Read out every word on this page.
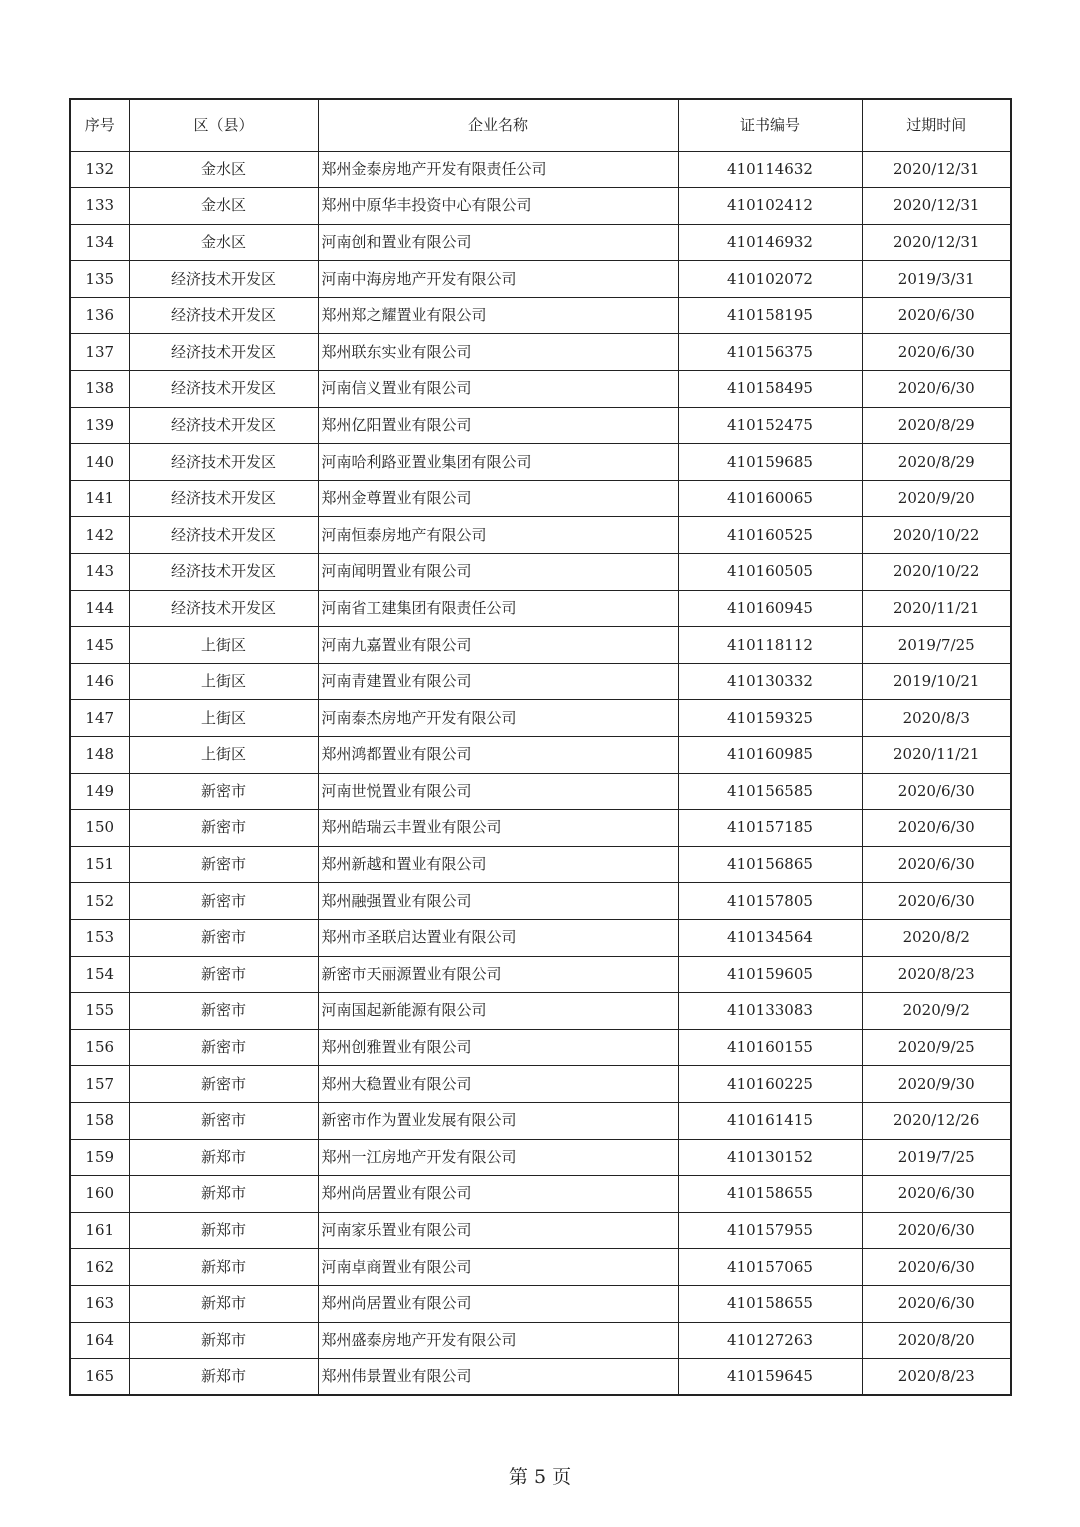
序号	区（县）	企业名称	证书编号	过期时间
132	金水区	郑州金泰房地产开发有限责任公司	410114632	2020/12/31
133	金水区	郑州中原华丰投资中心有限公司	410102412	2020/12/31
134	金水区	河南创和置业有限公司	410146932	2020/12/31
135	经济技术开发区	河南中海房地产开发有限公司	410102072	2019/3/31
136	经济技术开发区	郑州郑之耀置业有限公司	410158195	2020/6/30
137	经济技术开发区	郑州联东实业有限公司	410156375	2020/6/30
138	经济技术开发区	河南信义置业有限公司	410158495	2020/6/30
139	经济技术开发区	郑州亿阳置业有限公司	410152475	2020/8/29
140	经济技术开发区	河南哈利路亚置业集团有限公司	410159685	2020/8/29
141	经济技术开发区	郑州金尊置业有限公司	410160065	2020/9/20
142	经济技术开发区	河南恒泰房地产有限公司	410160525	2020/10/22
143	经济技术开发区	河南闻明置业有限公司	410160505	2020/10/22
144	经济技术开发区	河南省工建集团有限责任公司	410160945	2020/11/21
145	上街区	河南九嘉置业有限公司	410118112	2019/7/25
146	上街区	河南青建置业有限公司	410130332	2019/10/21
147	上街区	河南泰杰房地产开发有限公司	410159325	2020/8/3
148	上街区	郑州鸿都置业有限公司	410160985	2020/11/21
149	新密市	河南世悦置业有限公司	410156585	2020/6/30
150	新密市	郑州皓瑞云丰置业有限公司	410157185	2020/6/30
151	新密市	郑州新越和置业有限公司	410156865	2020/6/30
152	新密市	郑州融强置业有限公司	410157805	2020/6/30
153	新密市	郑州市圣联启达置业有限公司	410134564	2020/8/2
154	新密市	新密市天丽源置业有限公司	410159605	2020/8/23
155	新密市	河南国起新能源有限公司	410133083	2020/9/2
156	新密市	郑州创雅置业有限公司	410160155	2020/9/25
157	新密市	郑州大稳置业有限公司	410160225	2020/9/30
158	新密市	新密市作为置业发展有限公司	410161415	2020/12/26
159	新郑市	郑州一江房地产开发有限公司	410130152	2019/7/25
160	新郑市	郑州尚居置业有限公司	410158655	2020/6/30
161	新郑市	河南家乐置业有限公司	410157955	2020/6/30
162	新郑市	河南卓商置业有限公司	410157065	2020/6/30
163	新郑市	郑州尚居置业有限公司	410158655	2020/6/30
164	新郑市	郑州盛泰房地产开发有限公司	410127263	2020/8/20
165	新郑市	郑州伟景置业有限公司	410159645	2020/8/23
第 5 页
